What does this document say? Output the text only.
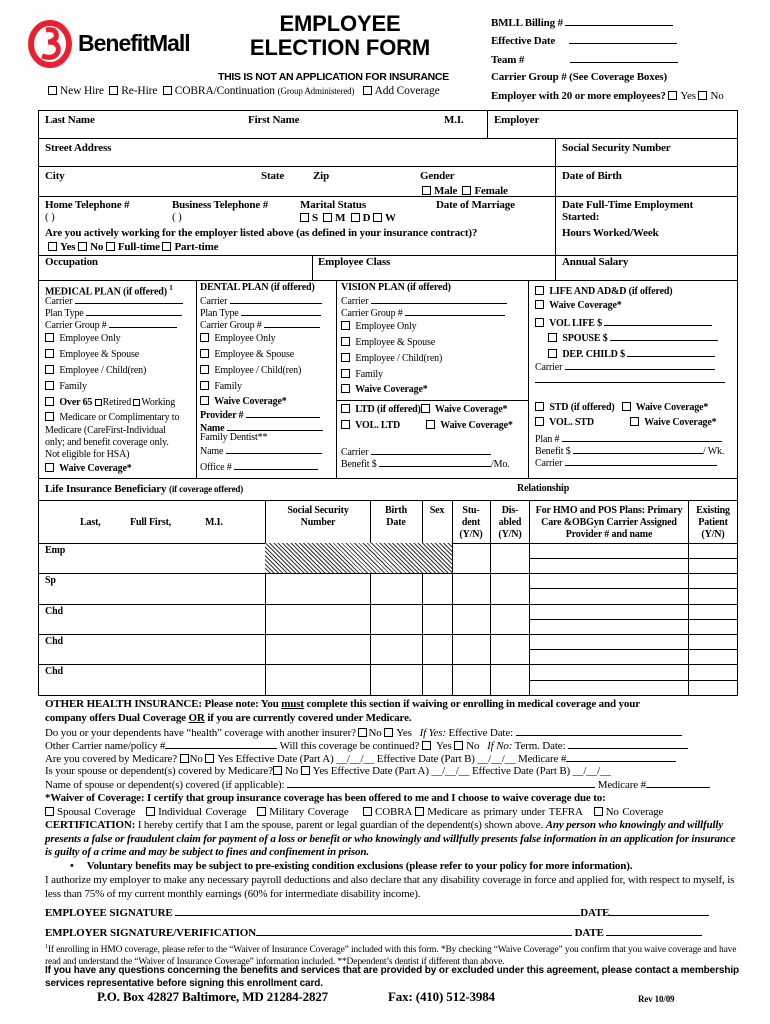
BenefitMall
EMPLOYEE
ELECTION FORM
THIS IS NOT AN APPLICATION FOR INSURANCE
New Hire Re-Hire COBRA/Continuation (Group Administered) Add Coverage
BMLL Billing #
Effective Date
Team #
Carrier Group # (See Coverage Boxes)
Employer with 20 or more employees? Yes No
Last Name	First Name	M.I.	Employer
Street Address	Social Security Number
City	State	Zip	Gender
Male Female
Date of Birth
Home Telephone #
( )
Business Telephone #
( )
Marital Status
S M D W
Date of Marriage	Date Full-Time Employment
Started:
Are you actively working for the employer listed above (as defined in your insurance contract)?
Yes No Full-time Part-time
Hours Worked/Week
Occupation	Employee Class	Annual Salary
MEDICAL PLAN (if offered) $^1$
Carrier
Plan Type
Carrier Group #
Employee Only
Employee & Spouse
Employee / Child(ren)
Family
Over 65 Retired Working
Medicare or Complimentary to
Medicare (CareFirst-Individual
only; and benefit coverage only.
Not eligible for HSA)
Waive Coverage*
DENTAL PLAN (if offered)
Carrier
Plan Type
Carrier Group #
Employee Only
Employee & Spouse
Employee / Child(ren)
Family
Waive Coverage*
Provider #
Name
Family Dentist**
Name
Office #
VISION PLAN (if offered)
Carrier
Carrier Group #
Employee Only
Employee & Spouse
Employee / Child(ren)
Family
Waive Coverage*
LTD (if offered) Waive Coverage*
VOL. LTD	Waive Coverage*
Carrier
Benefit $	/Mo.
LIFE AND AD&D (if offered)
Waive Coverage*
VOL LIFE $
SPOUSE $
DEP. CHILD $
Carrier
STD (if offered) Waive Coverage*
VOL. STD	Waive Coverage*
Plan #
Benefit $	/ Wk.
Carrier
Life Insurance Beneficiary (if coverage offered)	Relationship
Last,	Full First,	M.I.
Social Security Number
Birth Date
Sex	Stu- dent (Y/N)
Dis- abled (Y/N)
For HMO and POS Plans: Primary Care &OBGyn Carrier Assigned Provider # and name
Existing Patient (Y/N)
Emp
Sp
Chd
Chd
Chd
OTHER HEALTH INSURANCE: Please note: You must complete this section if waiving or enrolling in medical coverage and your
company offers Dual Coverage OR if you are currently covered under Medicare.
Do you or your dependents have “health” coverage with another insurer? No Yes If Yes: Effective Date:
Other Carrier name/policy #	Will this coverage be continued? Yes No If No: Term. Date:
Are you covered by Medicare? No Yes Effective Date (Part A) __/__/__ Effective Date (Part B) __/__/__ Medicare #
Is your spouse or dependent(s) covered by Medicare? No Yes Effective Date (Part A) __/__/__ Effective Date (Part B) __/__/__
Name of spouse or dependent(s) covered (if applicable):	Medicare #
*Waiver of Coverage: I certify that group insurance coverage has been offered to me and I choose to waive coverage due to:
Spousal Coverage Individual Coverage Military Coverage COBRA Medicare as primary under TEFRA No Coverage
CERTIFICATION: I hereby certify that I am the spouse, parent or legal guardian of the dependent(s) shown above. Any person who knowingly and willfully presents a false or fraudulent claim for payment of a loss or benefit or who knowingly and willfully presents false information in an application for insurance is guilty of a crime and may be subject to fines and confinement in prison.
•     Voluntary benefits may be subject to pre-existing condition exclusions (please refer to your policy for more information).
I authorize my employer to make any necessary payroll deductions and also declare that any disability coverage in force and applied for, with respect to myself, is less than 75% of my current monthly earnings (60% for intermediate disability income).
EMPLOYEE SIGNATURE	DATE
EMPLOYER SIGNATURE/VERIFICATION	DATE
$^1$If enrolling in HMO coverage, please refer to the “Waiver of Insurance Coverage” included with this form. *By checking “Waive Coverage” you confirm that you waive coverage and have read and understand the “Waiver of Insurance Coverage” information included. **Dependent’s dentist if different than above.
If you have any questions concerning the benefits and services that are provided by or excluded under this agreement, please contact a membership services representative before signing this enrollment card.
P.O. Box 42827 Baltimore, MD 21284-2827	Fax: (410) 512-3984	Rev 10/09
